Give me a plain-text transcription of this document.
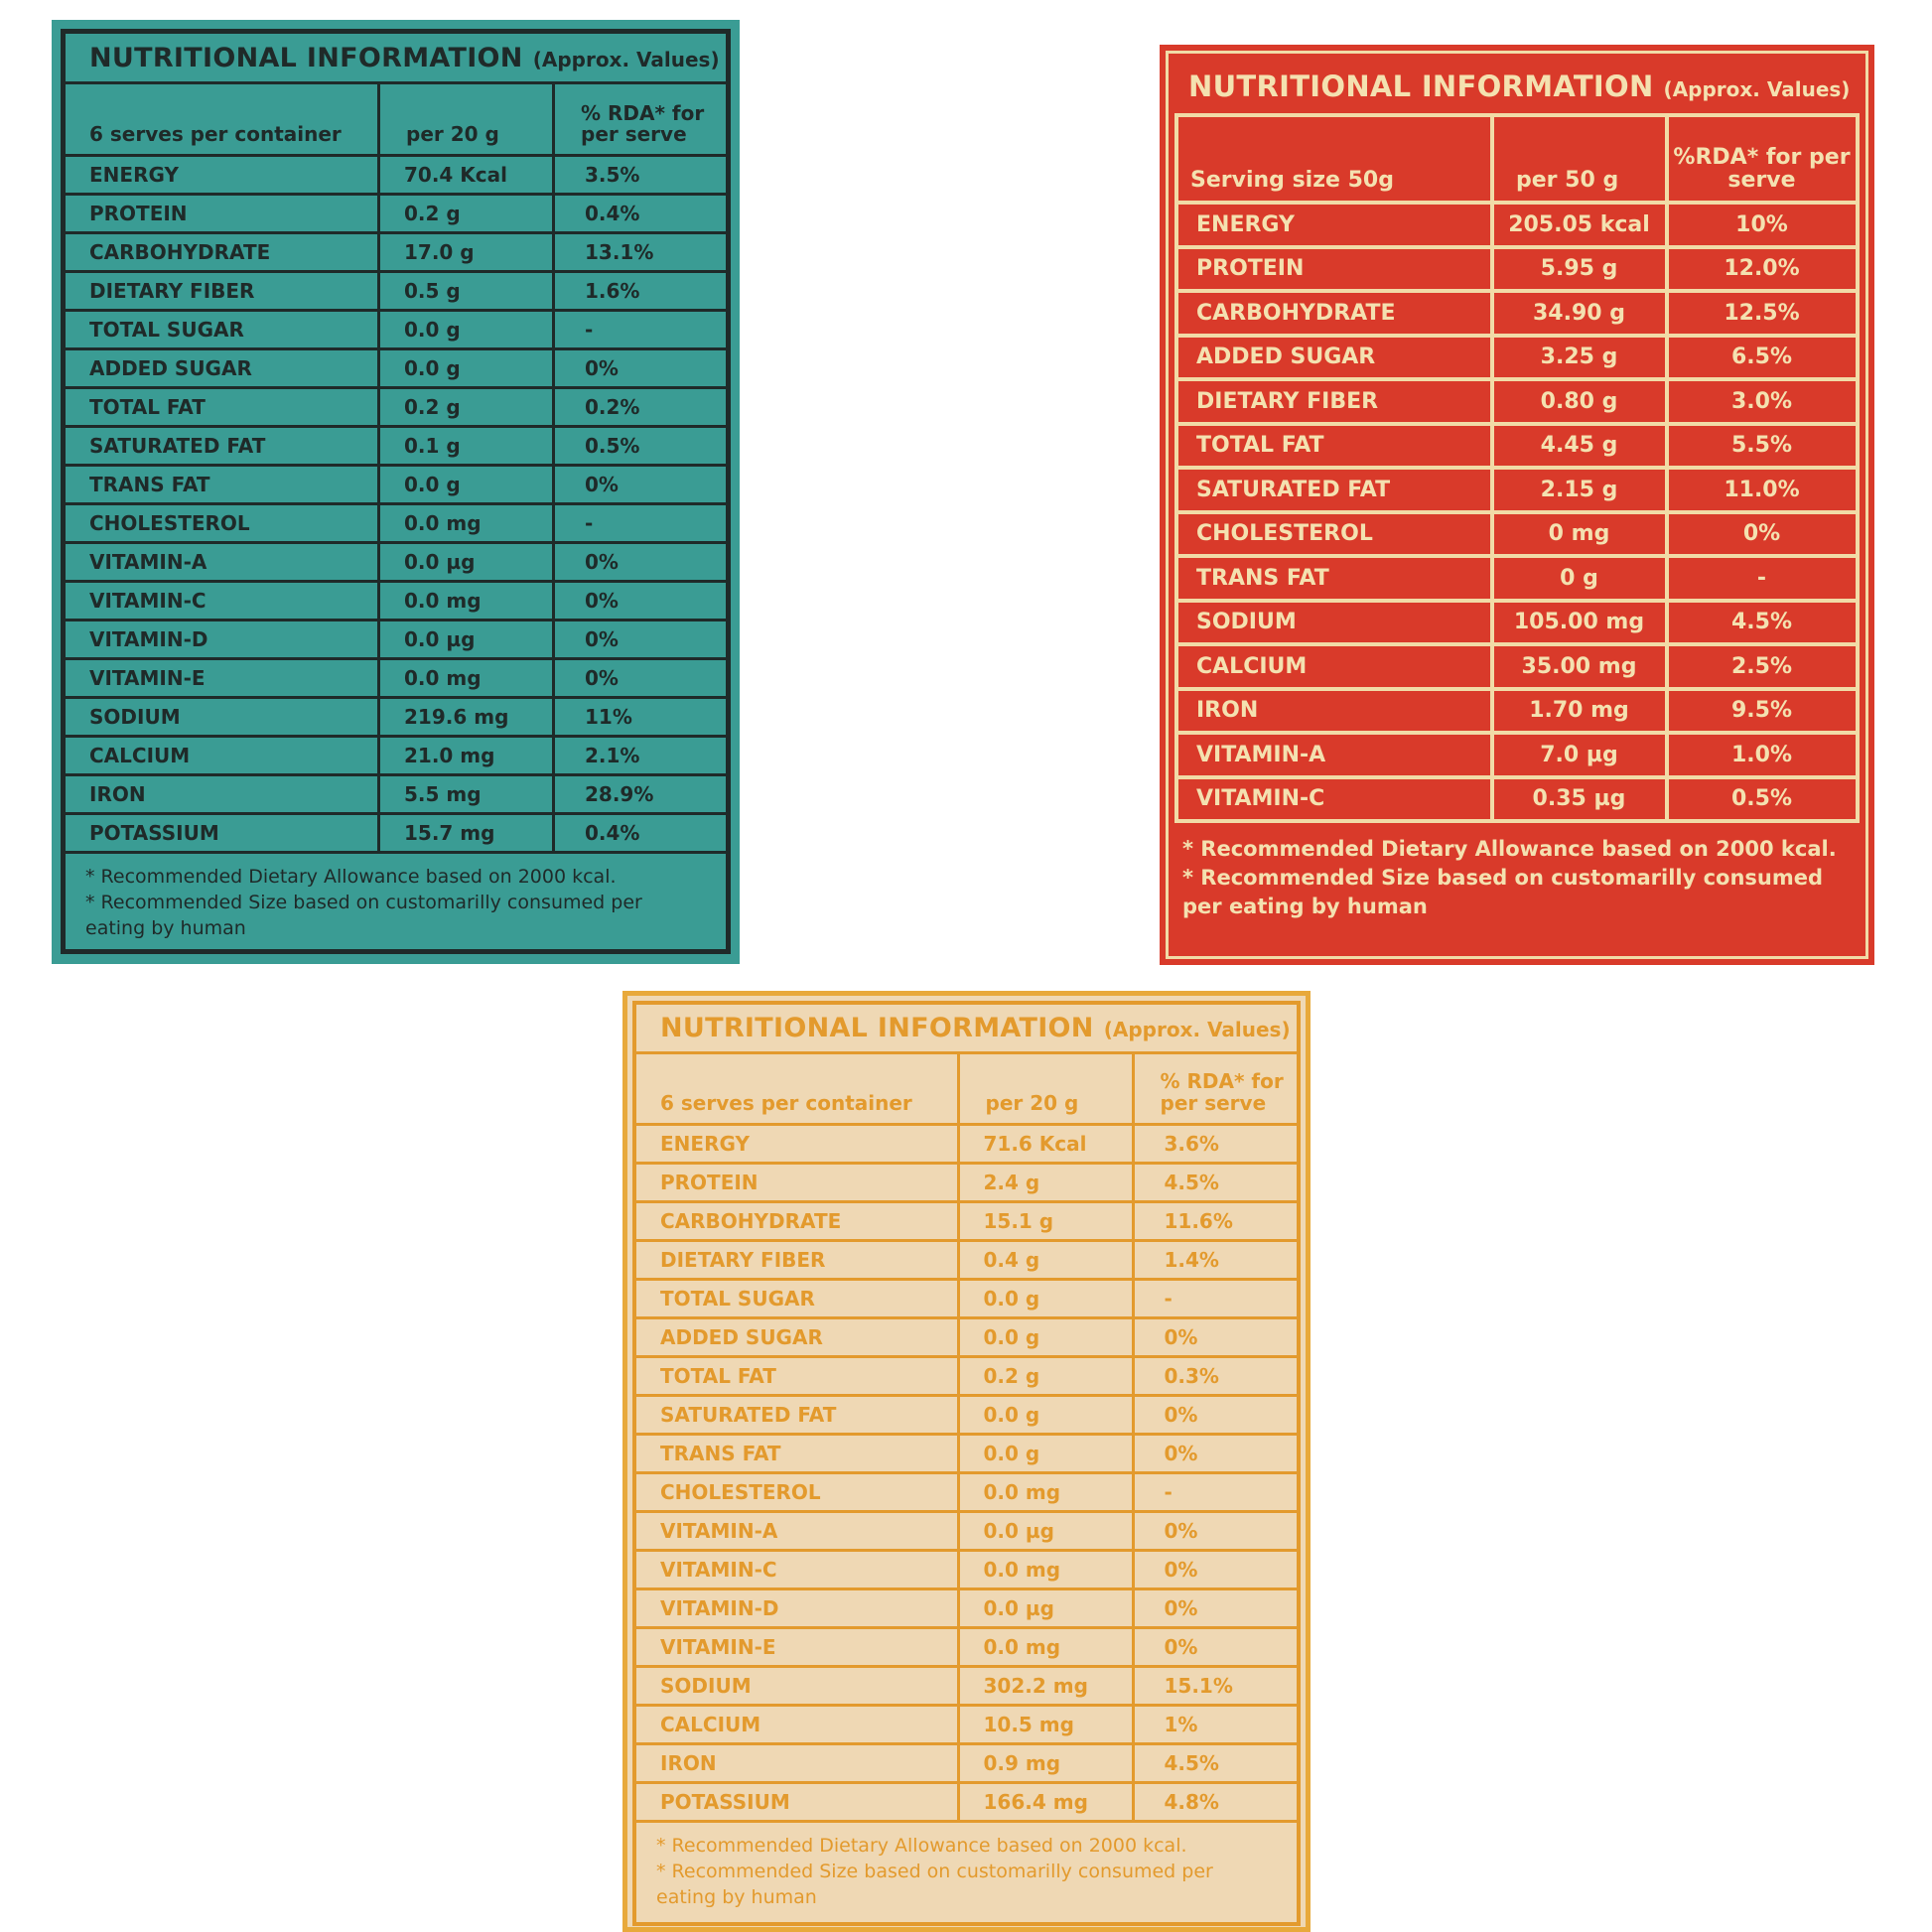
NUTRITIONAL INFORMATION (Approx. Values)		
6 serves per container	per 20 g	% RDA* for per serve
ENERGY	70.4 Kcal	3.5%
PROTEIN	0.2 g	0.4%
CARBOHYDRATE	17.0 g	13.1%
DIETARY FIBER	0.5 g	1.6%
TOTAL SUGAR	0.0 g	-
ADDED SUGAR	0.0 g	0%
TOTAL FAT	0.2 g	0.2%
SATURATED FAT	0.1 g	0.5%
TRANS FAT	0.0 g	0%
CHOLESTEROL	0.0 mg	-
VITAMIN-A	0.0 µg	0%
VITAMIN-C	0.0 mg	0%
VITAMIN-D	0.0 µg	0%
VITAMIN-E	0.0 mg	0%
SODIUM	219.6 mg	11%
CALCIUM	21.0 mg	2.1%
IRON	5.5 mg	28.9%
POTASSIUM	15.7 mg	0.4%

* Recommended Dietary Allowance based on 2000 kcal.
* Recommended Size based on customarilly consumed per eating by human		
NUTRITIONAL INFORMATION (Approx. Values)		
Serving size 50g	per 50 g	%RDA* for per serve
ENERGY	205.05 kcal	10%
PROTEIN	5.95 g	12.0%
CARBOHYDRATE	34.90 g	12.5%
ADDED SUGAR	3.25 g	6.5%
DIETARY FIBER	0.80 g	3.0%
TOTAL FAT	4.45 g	5.5%
SATURATED FAT	2.15 g	11.0%
CHOLESTEROL	0 mg	0%
TRANS FAT	0 g	-
SODIUM	105.00 mg	4.5%
CALCIUM	35.00 mg	2.5%
IRON	1.70 mg	9.5%
VITAMIN-A	7.0 µg	1.0%
VITAMIN-C	0.35 µg	0.5%

* Recommended Dietary Allowance based on 2000 kcal.
* Recommended Size based on customarilly consumed per eating by human		
NUTRITIONAL INFORMATION (Approx. Values)		
6 serves per container	per 20 g	% RDA* for per serve
ENERGY	71.6 Kcal	3.6%
PROTEIN	2.4 g	4.5%
CARBOHYDRATE	15.1 g	11.6%
DIETARY FIBER	0.4 g	1.4%
TOTAL SUGAR	0.0 g	-
ADDED SUGAR	0.0 g	0%
TOTAL FAT	0.2 g	0.3%
SATURATED FAT	0.0 g	0%
TRANS FAT	0.0 g	0%
CHOLESTEROL	0.0 mg	-
VITAMIN-A	0.0 µg	0%
VITAMIN-C	0.0 mg	0%
VITAMIN-D	0.0 µg	0%
VITAMIN-E	0.0 mg	0%
SODIUM	302.2 mg	15.1%
CALCIUM	10.5 mg	1%
IRON	0.9 mg	4.5%
POTASSIUM	166.4 mg	4.8%

* Recommended Dietary Allowance based on 2000 kcal.
* Recommended Size based on customarilly consumed per eating by human		
